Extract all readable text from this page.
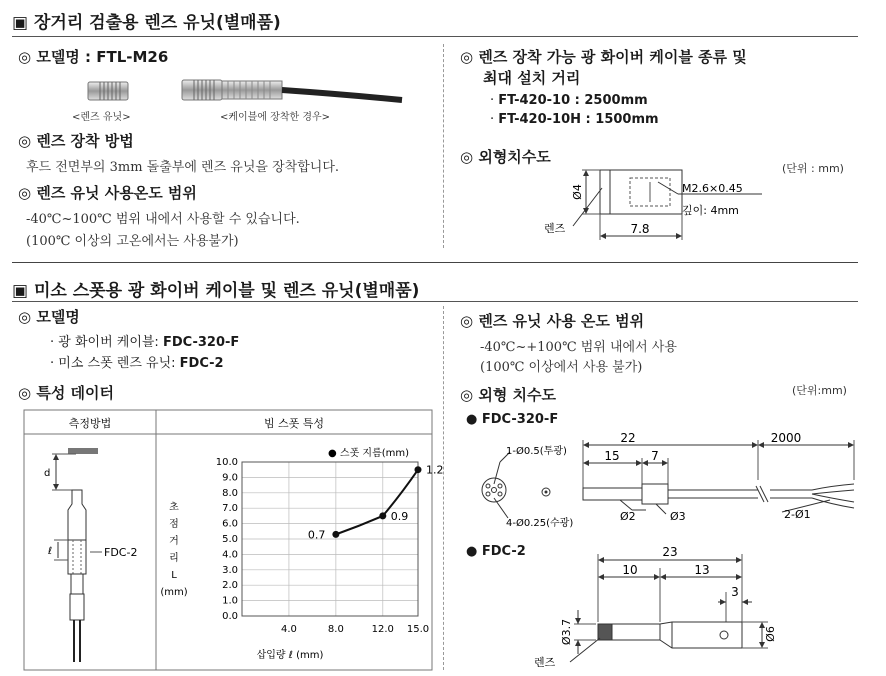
▣ 장거리 검출용 렌즈 유닛(별매품)
◎ 모델명 : FTL-M26
<렌즈 유닛>	<케이블에 장착한 경우>
◎ 렌즈 장착 방법
후드 전면부의 3mm 돌출부에 렌즈 유닛을 장착합니다.
◎ 렌즈 유닛 사용온도 범위
-40℃~100℃ 범위 내에서 사용할 수 있습니다.
(100℃ 이상의 고온에서는 사용불가)
◎ 렌즈 장착 가능 광 화이버 케이블 종류 및
최대 설치 거리
· FT-420-10 : 2500mm
· FT-420-10H : 1500mm
◎ 외형치수도
(단위 : mm)
Ø4
7.8
M2.6×0.45
깊이: 4mm
렌즈
▣ 미소 스폿용 광 화이버 케이블 및 렌즈 유닛(별매품)
◎ 모델명
· 광 화이버 케이블: FDC-320-F
· 미소 스폿 렌즈 유닛: FDC-2
◎ 특성 데이터
◎ 렌즈 유닛 사용 온도 범위
-40℃~+100℃ 범위 내에서 사용
(100℃ 이상에서 사용 불가)
◎ 외형 치수도	(단위:mm)
측정방법	빔 스폿 특성
d
ℓ	FDC-2
● 스폿 지름(mm)
초
점
거
리
L
(mm)
삽입량 ℓ (mm)
0.0
1.0
2.0
3.0
4.0
5.0
6.0
7.0
8.0
9.0
10.0
4.0	8.0	12.0 15.0
0.7
0.9
1.2
● FDC-320-F
22	2000
15	7
1-Ø0.5(투광)
4-Ø0.25(수광)
Ø2	Ø3	2-Ø1
● FDC-2	23
10	13
3
Ø3.7	Ø6
렌즈
